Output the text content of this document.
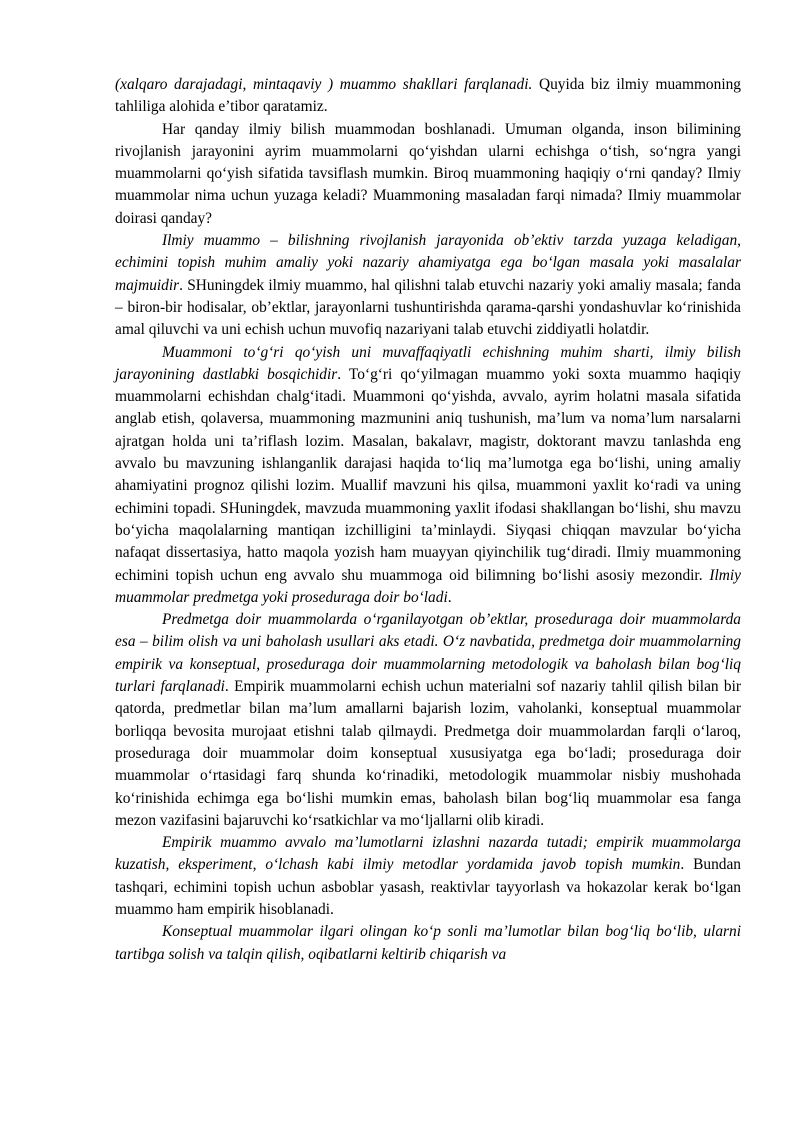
(xalqaro darajadagi, mintaqaviy ) muammo shakllari farqlanadi. Quyida biz ilmiy muammoning tahliliga alohida e’tibor qaratamiz.

Har qanday ilmiy bilish muammodan boshlanadi. Umuman olganda, inson bilimining rivojlanish jarayonini ayrim muammolarni qo‘yishdan ularni echishga o‘tish, so‘ngra yangi muammolarni qo‘yish sifatida tavsiflash mumkin. Biroq muammoning haqiqiy o‘rni qanday? Ilmiy muammolar nima uchun yuzaga keladi? Muammoning masaladan farqi nimada? Ilmiy muammolar doirasi qanday?

Ilmiy muammo – bilishning rivojlanish jarayonida ob’ektiv tarzda yuzaga keladigan, echimini topish muhim amaliy yoki nazariy ahamiyatga ega bo‘lgan masala yoki masalalar majmuidir. SHuningdek ilmiy muammo, hal qilishni talab etuvchi nazariy yoki amaliy masala; fanda – biron-bir hodisalar, ob’ektlar, jarayonlarni tushuntirishda qarama-qarshi yondashuvlar ko‘rinishida amal qiluvchi va uni echish uchun muvofiq nazariyani talab etuvchi ziddiyatli holatdir.

Muammoni to‘g‘ri qo‘yish uni muvaffaqiyatli echishning muhim sharti, ilmiy bilish jarayonining dastlabki bosqichidir. To‘g‘ri qo‘yilmagan muammo yoki soxta muammo haqiqiy muammolarni echishdan chalg‘itadi. Muammoni qo‘yishda, avvalo, ayrim holatni masala sifatida anglab etish, qolaversa, muammoning mazmunini aniq tushunish, ma’lum va noma’lum narsalarni ajratgan holda uni ta’riflash lozim. Masalan, bakalavr, magistr, doktorant mavzu tanlashda eng avvalo bu mavzuning ishlanganlik darajasi haqida to‘liq ma’lumotga ega bo‘lishi, uning amaliy ahamiyatini prognoz qilishi lozim. Muallif mavzuni his qilsa, muammoni yaxlit ko‘radi va uning echimini topadi. SHuningdek, mavzuda muammoning yaxlit ifodasi shakllangan bo‘lishi, shu mavzu bo‘yicha maqolalarning mantiqan izchilligini ta’minlaydi. Siyqasi chiqqan mavzular bo‘yicha nafaqat dissertasiya, hatto maqola yozish ham muayyan qiyinchilik tug‘diradi. Ilmiy muammoning echimini topish uchun eng avvalo shu muammoga oid bilimning bo‘lishi asosiy mezondir. Ilmiy muammolar predmetga yoki proseduraga doir bo‘ladi.

Predmetga doir muammolarda o‘rganilayotgan ob’ektlar, proseduraga doir muammolarda esa – bilim olish va uni baholash usullari aks etadi. O‘z navbatida, predmetga doir muammolarning empirik va konseptual, proseduraga doir muammolarning metodologik va baholash bilan bog‘liq turlari farqlanadi. Empirik muammolarni echish uchun materialni sof nazariy tahlil qilish bilan bir qatorda, predmetlar bilan ma’lum amallarni bajarish lozim, vaholanki, konseptual muammolar borliqqa bevosita murojaat etishni talab qilmaydi. Predmetga doir muammolardan farqli o‘laroq, proseduraga doir muammolar doim konseptual xususiyatga ega bo‘ladi; proseduraga doir muammolar o‘rtasidagi farq shunda ko‘rinadiki, metodologik muammolar nisbiy mushohada ko‘rinishida echimga ega bo‘lishi mumkin emas, baholash bilan bog‘liq muammolar esa fanga mezon vazifasini bajaruvchi ko‘rsatkichlar va mo‘ljallarni olib kiradi.

Empirik muammo avvalo ma’lumotlarni izlashni nazarda tutadi; empirik muammolarga kuzatish, eksperiment, o‘lchash kabi ilmiy metodlar yordamida javob topish mumkin. Bundan tashqari, echimini topish uchun asboblar yasash, reaktivlar tayyorlash va hokazolar kerak bo‘lgan muammo ham empirik hisoblanadi.

Konseptual muammolar ilgari olingan ko‘p sonli ma’lumotlar bilan bog‘liq bo‘lib, ularni tartibga solish va talqin qilish, oqibatlarni keltirib chiqarish va
